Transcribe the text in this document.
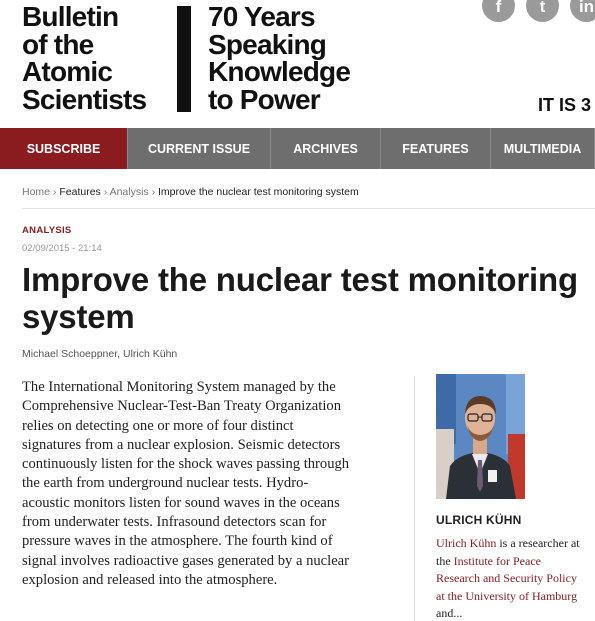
Bulletin
of the
Atomic
Scientists
70 Years
Speaking
Knowledge
to Power
f	t	in
IT IS 3
SUBSCRIBE	CURRENT ISSUE	ARCHIVES	FEATURES	MULTIMEDIA
Home › Features › Analysis › Improve the nuclear test monitoring system
ANALYSIS
02/09/2015 - 21:14
Improve the nuclear test monitoring system
Michael Schoeppner, Ulrich Kühn
The International Monitoring System managed by the
Comprehensive Nuclear-Test-Ban Treaty Organization
relies on detecting one or more of four distinct
signatures from a nuclear explosion. Seismic detectors
continuously listen for the shock waves passing through
the earth from underground nuclear tests. Hydro-
acoustic monitors listen for sound waves in the oceans
from underwater tests. Infrasound detectors scan for
pressure waves in the atmosphere. The fourth kind of
signal involves radioactive gases generated by a nuclear
explosion and released into the atmosphere.
ULRICH KÜHN
Ulrich Kühn is a researcher at
the Institute for Peace
Research and Security Policy
at the University of Hamburg
and...
